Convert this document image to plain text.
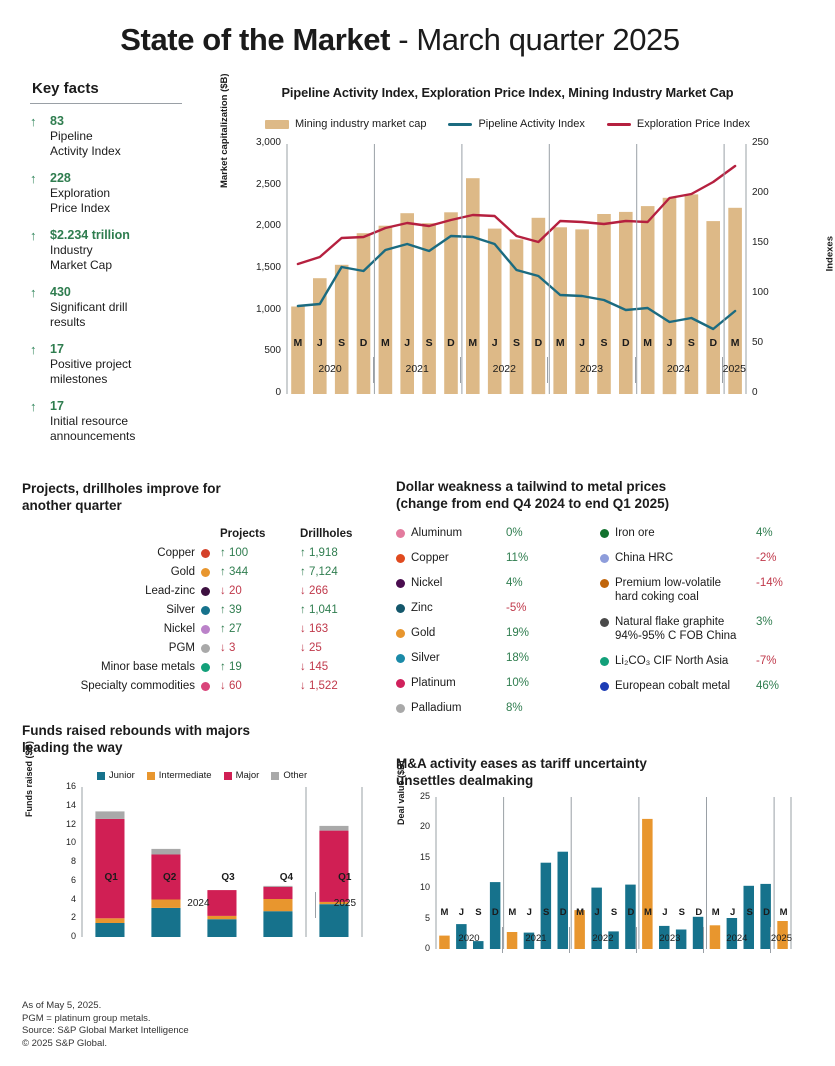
State of the Market - March quarter 2025
Key facts
↑	83
Pipeline
Activity Index
↑	228
Exploration
Price Index
↑	$2.234 trillion
Industry
Market Cap
↑	430
Significant drill
results
↑	17
Positive project
milestones
↑	17
Initial resource
announcements
Pipeline Activity Index, Exploration Price Index, Mining Industry Market Cap
Mining industry market cap	Pipeline Activity Index	Exploration Price Index
Market capitalization ($B)
Indexes
0
500
1,000
1,500
2,000
2,500
3,000
0
50
100
150
200
250
M	J	S	D	M	J	S	D	M	J	S	D	M	J	S	D	M	J	S	D	M
2020	2021	2022	2023	2024	2025
Projects, drillholes improve for
another quarter
Projects	Drillholes
Copper ↑ 100	↑ 1,918
Gold ↑ 344	↑ 7,124
Lead-zinc ↓ 20	↓ 266
Silver ↑ 39	↑ 1,041
Nickel ↑ 27	↓ 163
PGM ↓ 3	↓ 25
Minor base metals ↑ 19	↓ 145
Specialty commodities ↓ 60	↓ 1,522
Dollar weakness a tailwind to metal prices
(change from end Q4 2024 to end Q1 2025)
Aluminum	0%
Copper	11%
Nickel	4%
Zinc	-5%
Gold	19%
Silver	18%
Platinum	10%
Palladium	8%
Iron ore	4%
China HRC	-2%
Premium low-volatile
hard coking coal
-14%
Natural flake graphite
94%-95% C FOB China
3%
Li₂CO₃ CIF North Asia -7%
European cobalt metal 46%
Funds raised rebounds with majors
leading the way
Junior	Intermediate	Major	Other
Funds raised ($B)
0
2
4
6
8
10
12
14
16
Q1	Q2	Q3	Q4	Q1
2024	2025
M&A activity eases as tariff uncertainty
unsettles dealmaking
Deal value ($B)
0
5
10
15
20
25
M	J	S	D	M	J	S	D	M	J	S	D	M	J	S	D	M	J	S	D	M
2020	2021	2022	2023	2024	2025
As of May 5, 2025.
PGM = platinum group metals.
Source: S&P Global Market Intelligence
© 2025 S&P Global.
